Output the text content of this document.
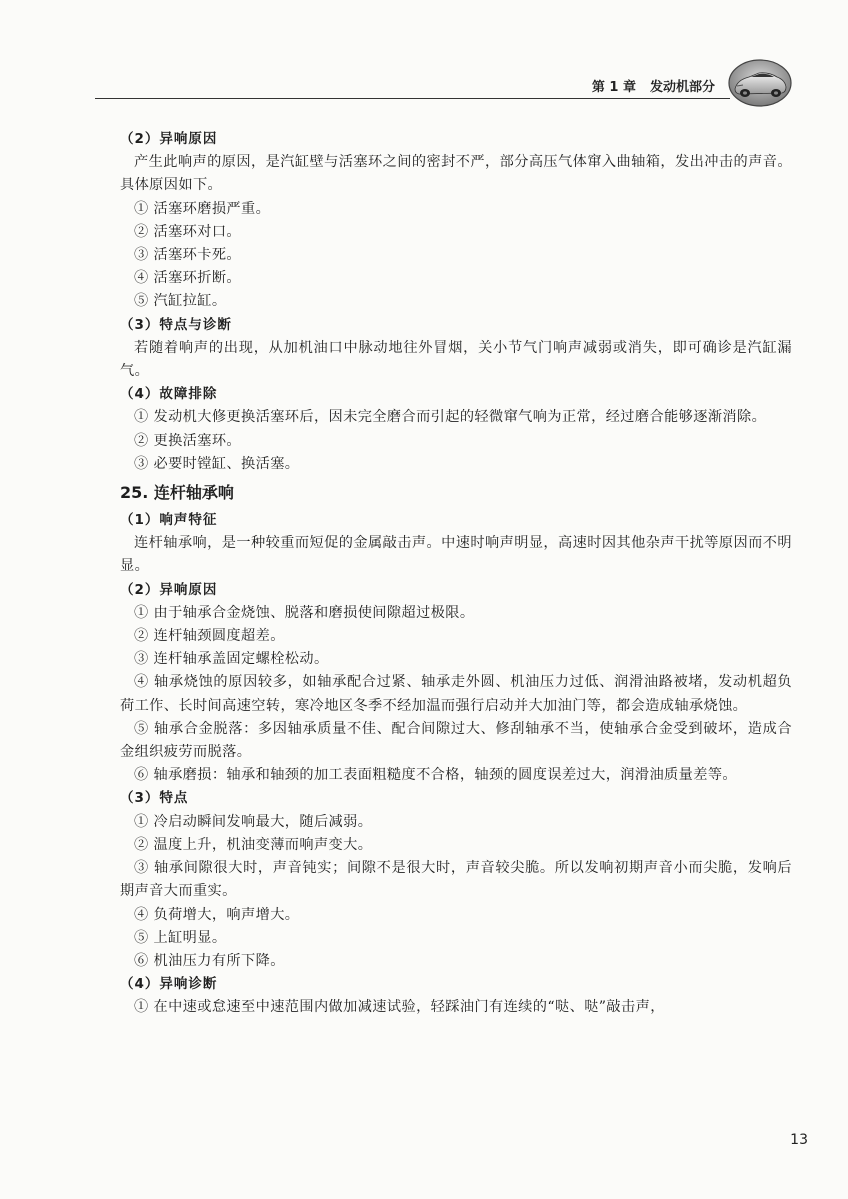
第 1 章 发动机部分

（2）异响原因

产生此响声的原因，是汽缸壁与活塞环之间的密封不严，部分高压气体窜入曲轴箱，发出冲击的声音。具体原因如下。

① 活塞环磨损严重。

② 活塞环对口。

③ 活塞环卡死。

④ 活塞环折断。

⑤ 汽缸拉缸。

（3）特点与诊断

若随着响声的出现，从加机油口中脉动地往外冒烟，关小节气门响声减弱或消失，即可确诊是汽缸漏气。

（4）故障排除

① 发动机大修更换活塞环后，因未完全磨合而引起的轻微窜气响为正常，经过磨合能够逐渐消除。

② 更换活塞环。

③ 必要时镗缸、换活塞。

25. 连杆轴承响

（1）响声特征

连杆轴承响，是一种较重而短促的金属敲击声。中速时响声明显，高速时因其他杂声干扰等原因而不明显。

（2）异响原因

① 由于轴承合金烧蚀、脱落和磨损使间隙超过极限。

② 连杆轴颈圆度超差。

③ 连杆轴承盖固定螺栓松动。

④ 轴承烧蚀的原因较多，如轴承配合过紧、轴承走外圆、机油压力过低、润滑油路被堵，发动机超负荷工作、长时间高速空转，寒冷地区冬季不经加温而强行启动并大加油门等，都会造成轴承烧蚀。

⑤ 轴承合金脱落：多因轴承质量不佳、配合间隙过大、修刮轴承不当，使轴承合金受到破坏，造成合金组织疲劳而脱落。

⑥ 轴承磨损：轴承和轴颈的加工表面粗糙度不合格，轴颈的圆度误差过大，润滑油质量差等。

（3）特点

① 冷启动瞬间发响最大，随后减弱。

② 温度上升，机油变薄而响声变大。

③ 轴承间隙很大时，声音钝实；间隙不是很大时，声音较尖脆。所以发响初期声音小而尖脆，发响后期声音大而重实。

④ 负荷增大，响声增大。

⑤ 上缸明显。

⑥ 机油压力有所下降。

（4）异响诊断

① 在中速或怠速至中速范围内做加减速试验，轻踩油门有连续的“哒、哒”敲击声，

13
